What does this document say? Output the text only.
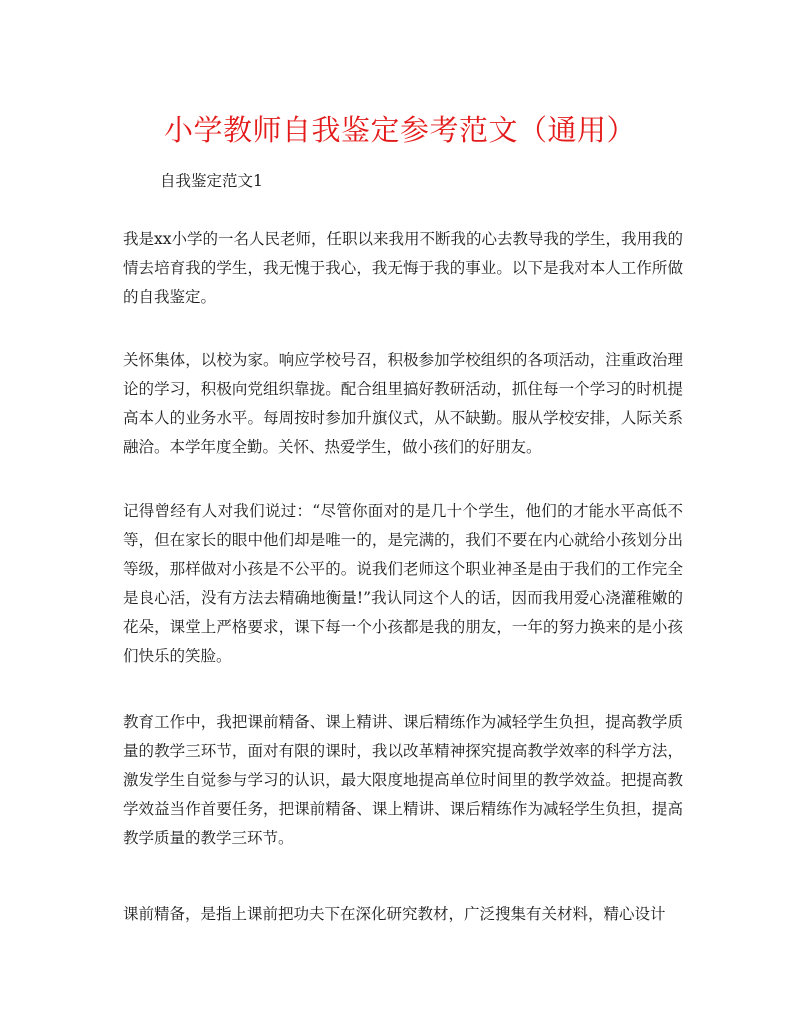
小学教师自我鉴定参考范文（通用）
自我鉴定范文1
我是xx小学的一名人民老师，任职以来我用不断我的心去教导我的学生，我用我的情去培育我的学生，我无愧于我心，我无悔于我的事业。以下是我对本人工作所做的自我鉴定。
关怀集体，以校为家。响应学校号召，积极参加学校组织的各项活动，注重政治理论的学习，积极向党组织靠拢。配合组里搞好教研活动，抓住每一个学习的时机提高本人的业务水平。每周按时参加升旗仪式，从不缺勤。服从学校安排，人际关系融洽。本学年度全勤。关怀、热爱学生，做小孩们的好朋友。
记得曾经有人对我们说过：“尽管你面对的是几十个学生，他们的才能水平高低不等，但在家长的眼中他们却是唯一的，是完满的，我们不要在内心就给小孩划分出等级，那样做对小孩是不公平的。说我们老师这个职业神圣是由于我们的工作完全是良心活，没有方法去精确地衡量!”我认同这个人的话，因而我用爱心浇灌稚嫩的花朵，课堂上严格要求，课下每一个小孩都是我的朋友，一年的努力换来的是小孩们快乐的笑脸。
教育工作中，我把课前精备、课上精讲、课后精练作为减轻学生负担，提高教学质量的教学三环节，面对有限的课时，我以改革精神探究提高教学效率的科学方法，激发学生自觉参与学习的认识，最大限度地提高单位时间里的教学效益。把提高教学效益当作首要任务，把课前精备、课上精讲、课后精练作为减轻学生负担，提高教学质量的教学三环节。
课前精备，是指上课前把功夫下在深化研究教材，广泛搜集有关材料，精心设计
